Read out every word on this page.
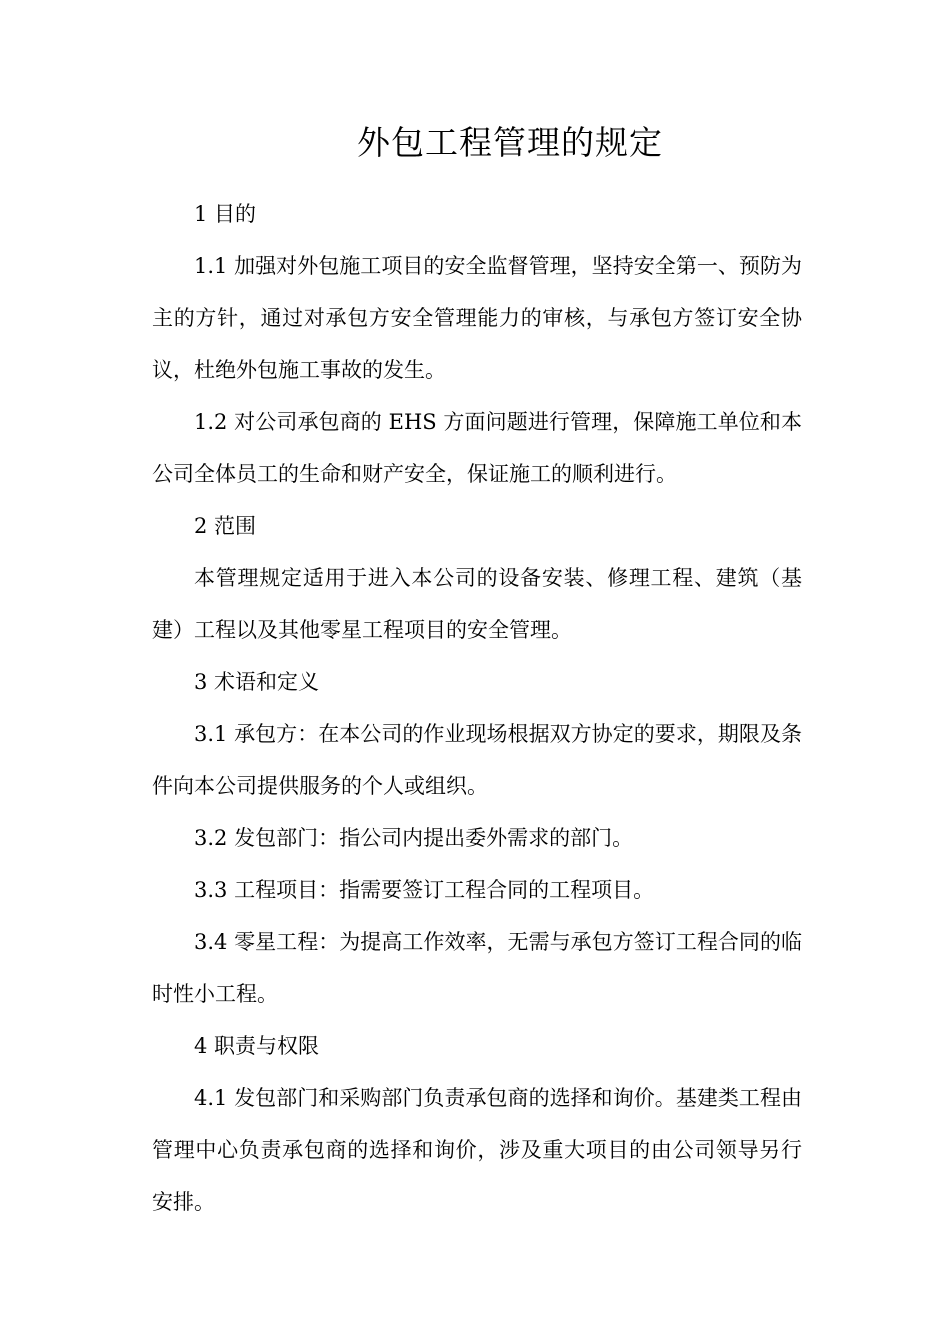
外包工程管理的规定

1 目的

1.1 加强对外包施工项目的安全监督管理，坚持安全第一、预防为主的方针，通过对承包方安全管理能力的审核，与承包方签订安全协议，杜绝外包施工事故的发生。

1.2 对公司承包商的 EHS 方面问题进行管理，保障施工单位和本公司全体员工的生命和财产安全，保证施工的顺利进行。

2 范围

本管理规定适用于进入本公司的设备安装、修理工程、建筑（基建）工程以及其他零星工程项目的安全管理。

3 术语和定义

3.1 承包方：在本公司的作业现场根据双方协定的要求，期限及条件向本公司提供服务的个人或组织。

3.2 发包部门：指公司内提出委外需求的部门。

3.3 工程项目：指需要签订工程合同的工程项目。

3.4 零星工程：为提高工作效率，无需与承包方签订工程合同的临时性小工程。

4 职责与权限

4.1 发包部门和采购部门负责承包商的选择和询价。基建类工程由管理中心负责承包商的选择和询价，涉及重大项目的由公司领导另行安排。
